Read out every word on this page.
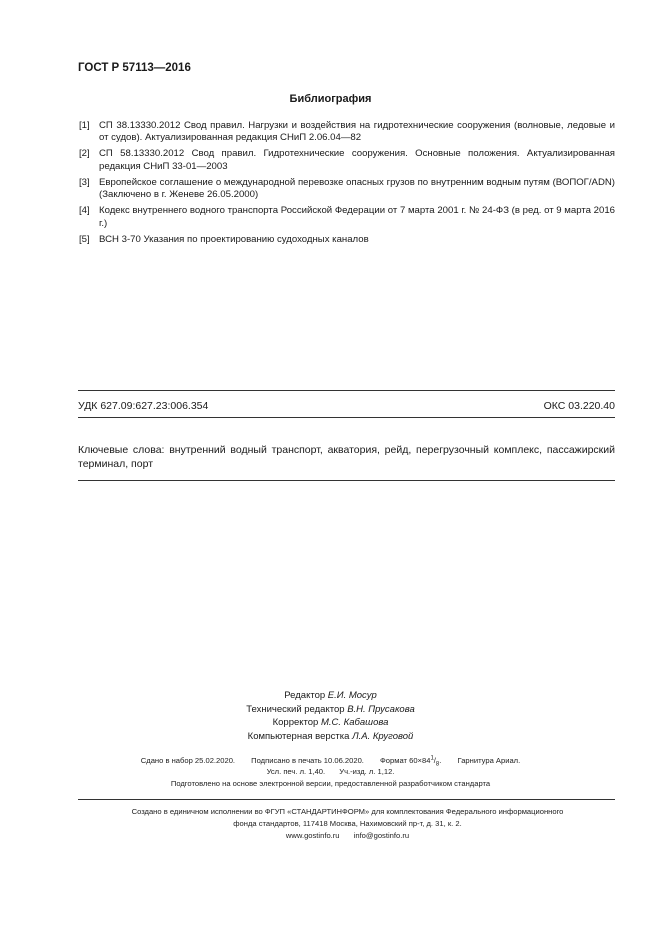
ГОСТ Р 57113—2016
Библиография
[1] СП 38.13330.2012 Свод правил. Нагрузки и воздействия на гидротехнические сооружения (волновые, ледовые и от судов). Актуализированная редакция СНиП 2.06.04—82
[2] СП 58.13330.2012 Свод правил. Гидротехнические сооружения. Основные положения. Актуализированная редакция СНиП 33-01—2003
[3] Европейское соглашение о международной перевозке опасных грузов по внутренним водным путям (ВОПОГ/ADN) (Заключено в г. Женеве 26.05.2000)
[4] Кодекс внутреннего водного транспорта Российской Федерации от 7 марта 2001 г. № 24-ФЗ (в ред. от 9 марта 2016 г.)
[5] ВСН 3-70 Указания по проектированию судоходных каналов
УДК 627.09:627.23:006.354	ОКС 03.220.40
Ключевые слова: внутренний водный транспорт, акватория, рейд, перегрузочный комплекс, пассажирский терминал, порт
Редактор Е.И. Мосур
Технический редактор В.Н. Прусакова
Корректор М.С. Кабашова
Компьютерная верстка Л.А. Круговой
Сдано в набор 25.02.2020. Подписано в печать 10.06.2020. Формат $60\times 84^1/_8$. Гарнитура Ариал.
Усл. печ. л. 1,40. Уч.-изд. л. 1,12.
Подготовлено на основе электронной версии, предоставленной разработчиком стандарта
Создано в единичном исполнении во ФГУП «СТАНДАРТИНФОРМ» для комплектования Федерального информационного
фонда стандартов, 117418 Москва, Нахимовский пр-т, д. 31, к. 2.
www.gostinfo.ru info@gostinfo.ru
